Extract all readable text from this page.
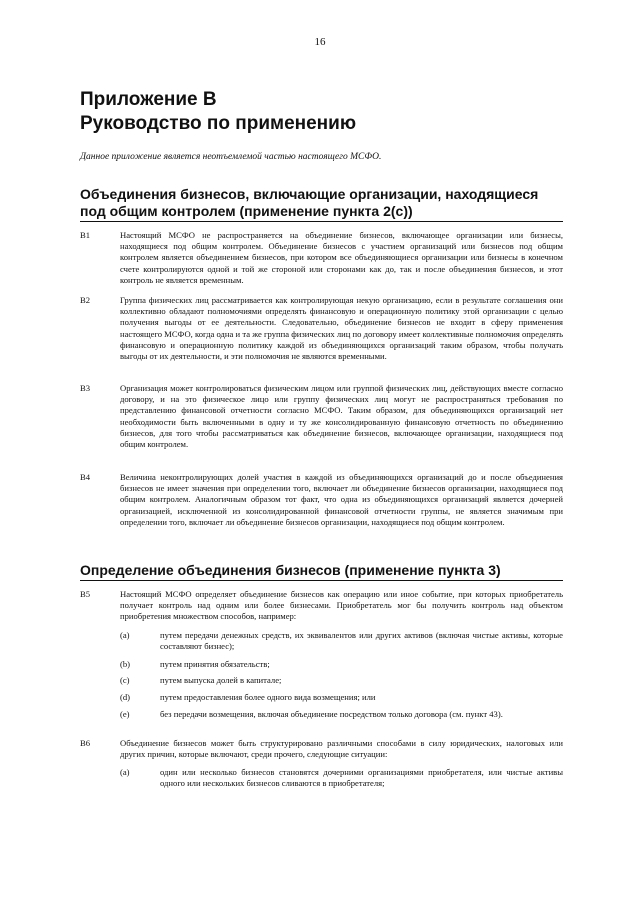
16
Приложение В
Руководство по применению
Данное приложение является неотъемлемой частью настоящего МСФО.
Объединения бизнесов, включающие организации, находящиеся
под общим контролем (применение пункта 2(c))
B1	Настоящий МСФО не распространяется на объединение бизнесов, включающее организации или бизнесы, находящиеся под общим контролем. Объединение бизнесов с участием организаций или бизнесов под общим контролем является объединением бизнесов, при котором все объединяющиеся организации или бизнесы в конечном счете контролируются одной и той же стороной или сторонами как до, так и после объединения бизнесов, и этот контроль не является временным.
B2	Группа физических лиц рассматривается как контролирующая некую организацию, если в результате соглашения они коллективно обладают полномочиями определять финансовую и операционную политику этой организации с целью получения выгоды от ее деятельности. Следовательно, объединение бизнесов не входит в сферу применения настоящего МСФО, когда одна и та же группа физических лиц по договору имеет коллективные полномочия определять финансовую и операционную политику каждой из объединяющихся организаций таким образом, чтобы получать выгоды от их деятельности, и эти полномочия не являются временными.
B3	Организация может контролироваться физическим лицом или группой физических лиц, действующих вместе согласно договору, и на это физическое лицо или группу физических лиц могут не распространяться требования по представлению финансовой отчетности согласно МСФО. Таким образом, для объединяющихся организаций нет необходимости быть включенными в одну и ту же консолидированную финансовую отчетность по объединению бизнесов, для того чтобы рассматриваться как объединение бизнесов, включающее организации, находящиеся под общим контролем.
B4	Величина неконтролирующих долей участия в каждой из объединяющихся организаций до и после объединения бизнесов не имеет значения при определении того, включает ли объединение бизнесов организации, находящиеся под общим контролем. Аналогичным образом тот факт, что одна из объединяющихся организаций является дочерней организацией, исключенной из консолидированной финансовой отчетности группы, не является значимым при определении того, включает ли объединение бизнесов организации, находящиеся под общим контролем.
Определение объединения бизнесов (применение пункта 3)
B5	Настоящий МСФО определяет объединение бизнесов как операцию или иное событие, при которых приобретатель получает контроль над одним или более бизнесами. Приобретатель мог бы получить контроль над объектом приобретения множеством способов, например:
(a)	путем передачи денежных средств, их эквивалентов или других активов (включая чистые активы, которые составляют бизнес);
(b)	путем принятия обязательств;
(c)	путем выпуска долей в капитале;
(d)	путем предоставления более одного вида возмещения; или
(e)	без передачи возмещения, включая объединение посредством только договора (см. пункт 43).
B6	Объединение бизнесов может быть структурировано различными способами в силу юридических, налоговых или других причин, которые включают, среди прочего, следующие ситуации:
(a)	один или несколько бизнесов становятся дочерними организациями приобретателя, или чистые активы одного или нескольких бизнесов сливаются в приобретателя;
